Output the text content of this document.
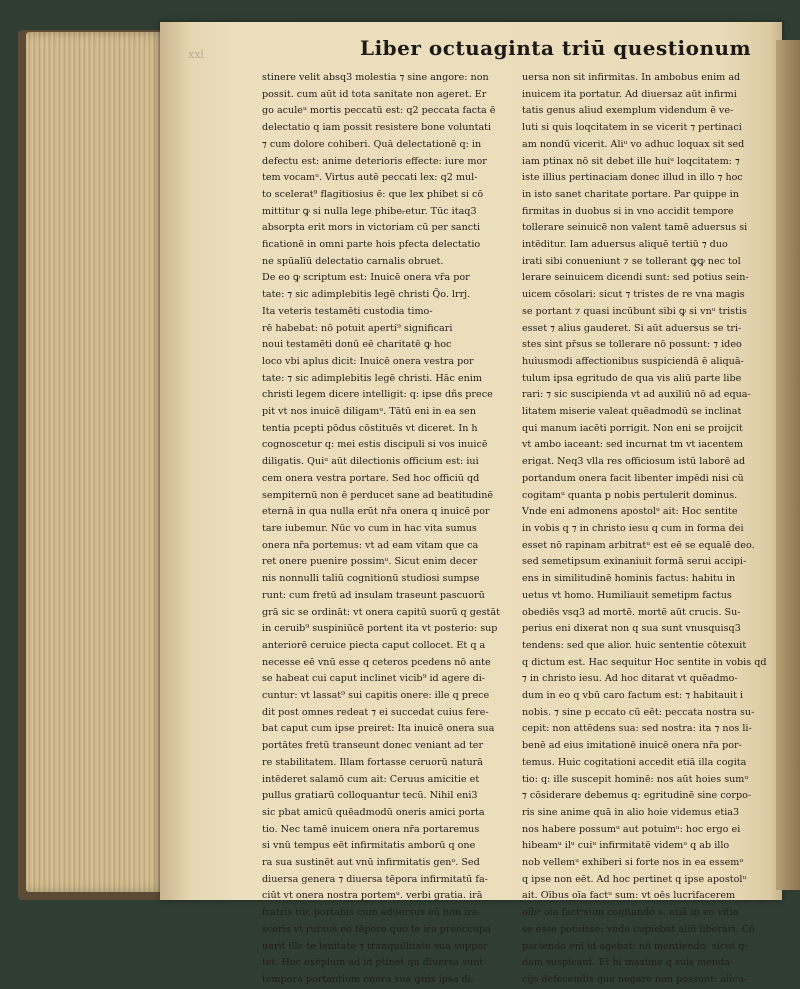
xxl	Liber octuaginta triū questionum
stinere velit absq3 molestia ⁊ sine angore: non
possit. cum aūt id tota sanitate non ageret. Er
go aculeᵘ mortis peccatū est: q2 peccata facta ē
delectatio q iam possit resistere bone voluntati
⁊ cum dolore cohiberi. Quā delectationē q: in
defectu est: anime deterioris effecte: iure mor
tem vocamᵘ. Virtus autē peccati lex: q2 mul-
to scelerat⁹ flagitiosius ē: que lex phibet si cō
mittitur ꝙ si nulla lege phibeᵣetur. Tūc itaq3
absorpta erit mors in victoriam cū per sancti
ficationē in omni parte hois pfecta delectatio
ne spūalīū delectatio carnalis obruet.
De eo ꝙ scriptum est: Inuicē onera vr̄a por
tate: ⁊ sic adimplebitis legē christi Q̄o. lrrj.
Ita veteris testamēti custodia timo-
rē habebat: nō potuit aperti⁹ significari
noui testamēti donū eē charitatē ꝙ hoc
loco vbi aplus dicit: Inuicē onera vestra por
tate: ⁊ sic adimplebitis legē christi. Hāc enim
christi legem dicere intelligit: q: ipse dñs prece
pit vt nos inuicē diligamᵘ. Tātū eni in ea sen
tentia pcepti pōdus cōstituēs vt diceret. In h
cognoscetur q: mei estis discipuli si vos inuicē
diligatis. Quiᵘ aūt dilectionis officium est: iui
cem onera vestra portare. Sed hoc officiū qd
sempiternū non ē perducet sane ad beatitudinē
eternā in qua nulla erūt nr̄a onera q inuicē por
tare iubemur. Nūc vo cum in hac vita sumus
onera nr̄a portemus: vt ad eam vitam que ca
ret onere puenire possimᵘ. Sicut enim decer
nis nonnulli taliū cognitionū studiosi sumpse
runt: cum fretū ad insulam traseunt pascuorū
grā sic se ordināt: vt onera capitū suorū q gestāt
in ceruib⁹ suspiniūcē portent ita vt posterio: sup
anteriorē ceruice piecta caput collocet. Et q a
necesse eē vnū esse q ceteros pcedens nō ante
se habeat cui caput inclinet vicib⁹ id agere di-
cuntur: vt lassat⁹ sui capitis onere: ille q prece
dit post omnes redeat ⁊ ei succedat cuius fere-
bat caput cum ipse preiret: Ita inuicē onera sua
portātes fretū transeunt donec veniant ad ter
re stabilitatem. Illam fortasse ceruorū naturā
intēderet salamō cum ait: Ceruus amicitie et
pullus gratiarū colloquantur tecū. Nihil eni3
sic pbat amicū quēadmodū oneris amici porta
tio. Nec tamē inuicem onera nr̄a portaremus
si vnū tempus eēt infirmitatis amborū q one
ra sua sustinēt aut vnū infirmitatis genᵘ. Sed
diuersa genera ⁊ diuersa tēpora infirmitatū fa-
ciūt vt onera nostra portemᵘ. verbi gratia. irā
fratris tūc portabis cum aduersus eū non ira-
sceris vt rursus eo tēpore quo te ira preoccupa
uerit ille te lenitate ⁊ tranquillitate sua suppor
tet. Hoc exēplum ad id ptinet qn diuersa sunt
tempora portantium onera sua ꝙuis ipsa di-
uersa non sit infirmitas. In ambobus enim ad
inuicem ita portatur. Ad diuersaz aūt infirmi
tatis genus aliud exemplum videndum ē ve-
luti si quis loqcitatem in se vicerit ⁊ pertinaci
am nondū vicerit. Aliᵘ vo adhuc loquax sit sed
iam ptinax nō sit debet ille huiᵘ loqcitatem: ⁊
iste illius pertinaciam donec illud in illo ⁊ hoc
in isto sanet charitate portare. Par quippe in
firmitas in duobus si in vno accidit tempore
tollerare seinuicē non valent tamē aduersus si
intēditur. Iam aduersus aliquē tertiū ⁊ duo
irati sibi conueniunt ⁊ se tollerant ꝙꝙ nec tol
lerare seinuicem dicendi sunt: sed potius sein-
uicem cōsolari: sicut ⁊ tristes de re vna magis
se portant ⁊ quasi incūbunt sibi ꝙ si vnᵘ tristis
esset ⁊ alius gauderet. Si aūt aduersus se tri-
stes sint pr̄sus se tollerare nō possunt: ⁊ ideo
huiusmodi affectionibus suspiciendā ē aliquā-
tulum ipsa egritudo de qua vis aliū parte libe
rari: ⁊ sic suscipienda vt ad auxiliū nō ad equa-
litatem miserie valeat quēadmodū se inclinat
qui manum iacēti porrigit. Non eni se proijcit
vt ambo iaceant: sed incurnat tm vt iacentem
erigat. Neq3 vlla res officiosum istū laborē ad
portandum onera facit libenter impēdi nisi cū
cogitamᵘ quanta p nobis pertulerit dominus.
Vnde eni admonens apostolᵘ ait: Hoc sentite
in vobis q ⁊ in christo iesu q cum in forma dei
esset nō rapinam arbitratᵘ est eē se equalē deo.
sed semetipsum exinaniuit formā serui accipi-
ens in similitudinē hominis factus: habitu in
uetus vt homo. Humiliauit semetipm factus
obediēs vsq3 ad mortē. mortē aūt crucis. Su-
perius eni dixerat non q sua sunt vnusquisq3
tendens: sed que alior. huic sententie cōtexuit
q dictum est. Hac sequitur Hoc sentite in vobis qd
⁊ in christo iesu. Ad hoc ditarat vt quēadmo-
dum in eo q vbū caro factum est: ⁊ habitauit i
nobis. ⁊ sine p eccato cū eēt: peccata nostra su-
cepit: non attēdens sua: sed nostra: ita ⁊ nos li-
benē ad eius imitationē inuicē onera nr̄a por-
temus. Huic cogitationi accedit etiā illa cogita
tio: q: ille suscepit hominē: nos aūt hoies sumᵘ
⁊ cōsiderare debemus q: egritudinē sine corpo-
ris sine anime quā in alio hoie videmus etia3
nos habere possumᵘ aut potuimᵘ: hoc ergo ei
hibeamᵘ ilᵘ cuiᵘ infirmitatē videmᵘ q ab illo
nob vellemᵘ exhiberi si forte nos in ea essemᵘ
q ipse non eēt. Ad hoc pertinet q ipse apostolᵘ
ait. Oībus oīa factᵘ sum: vt oēs lucrifacerem
oībᵘ oīa factᵘsum cogitando s. etiā in eo vitio
se esse potuisse: vnde cupiebat aliū liberari. Cō
paciendo enī id agebat: nō mentiendo: sicut q-
dam suspicant. Et hi maxime q suis menda-
cijs defecendis que negare non possunt: alicu-
